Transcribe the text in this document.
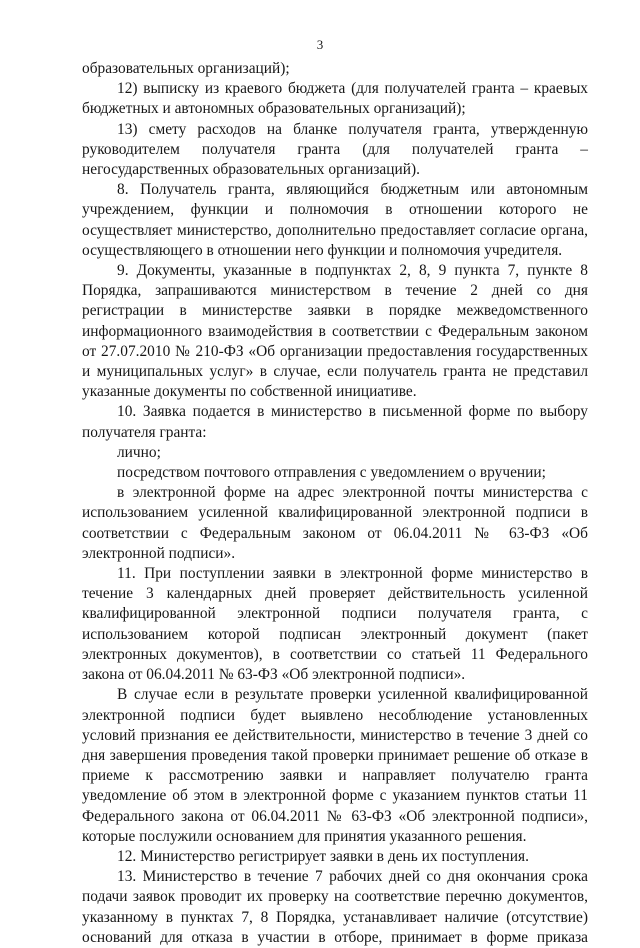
3

образовательных организаций);

12) выписку из краевого бюджета (для получателей гранта – краевых бюджетных и автономных образовательных организаций);

13) смету расходов на бланке получателя гранта, утвержденную руководителем получателя гранта (для получателей гранта – негосударственных образовательных организаций).

8. Получатель гранта, являющийся бюджетным или автономным учреждением, функции и полномочия в отношении которого не осуществляет министерство, дополнительно предоставляет согласие органа, осуществляющего в отношении него функции и полномочия учредителя.

9. Документы, указанные в подпунктах 2, 8, 9 пункта 7, пункте 8 Порядка, запрашиваются министерством в течение 2 дней со дня регистрации в министерстве заявки в порядке межведомственного информационного взаимодействия в соответствии с Федеральным законом от 27.07.2010 № 210-ФЗ «Об организации предоставления государственных и муниципальных услуг» в случае, если получатель гранта не представил указанные документы по собственной инициативе.

10. Заявка подается в министерство в письменной форме по выбору получателя гранта:

лично;

посредством почтового отправления с уведомлением о вручении;

в электронной форме на адрес электронной почты министерства с использованием усиленной квалифицированной электронной подписи в соответствии с Федеральным законом от 06.04.2011 № 63-ФЗ «Об электронной подписи».

11. При поступлении заявки в электронной форме министерство в течение 3 календарных дней проверяет действительность усиленной квалифицированной электронной подписи получателя гранта, с использованием которой подписан электронный документ (пакет электронных документов), в соответствии со статьей 11 Федерального закона от 06.04.2011 № 63-ФЗ «Об электронной подписи».

В случае если в результате проверки усиленной квалифицированной электронной подписи будет выявлено несоблюдение установленных условий признания ее действительности, министерство в течение 3 дней со дня завершения проведения такой проверки принимает решение об отказе в приеме к рассмотрению заявки и направляет получателю гранта уведомление об этом в электронной форме с указанием пунктов статьи 11 Федерального закона от 06.04.2011 № 63-ФЗ «Об электронной подписи», которые послужили основанием для принятия указанного решения.

12. Министерство регистрирует заявки в день их поступления.

13. Министерство в течение 7 рабочих дней со дня окончания срока подачи заявок проводит их проверку на соответствие перечню документов, указанному в пунктах 7, 8 Порядка, устанавливает наличие (отсутствие) оснований для отказа в участии в отборе, принимает в форме приказа
